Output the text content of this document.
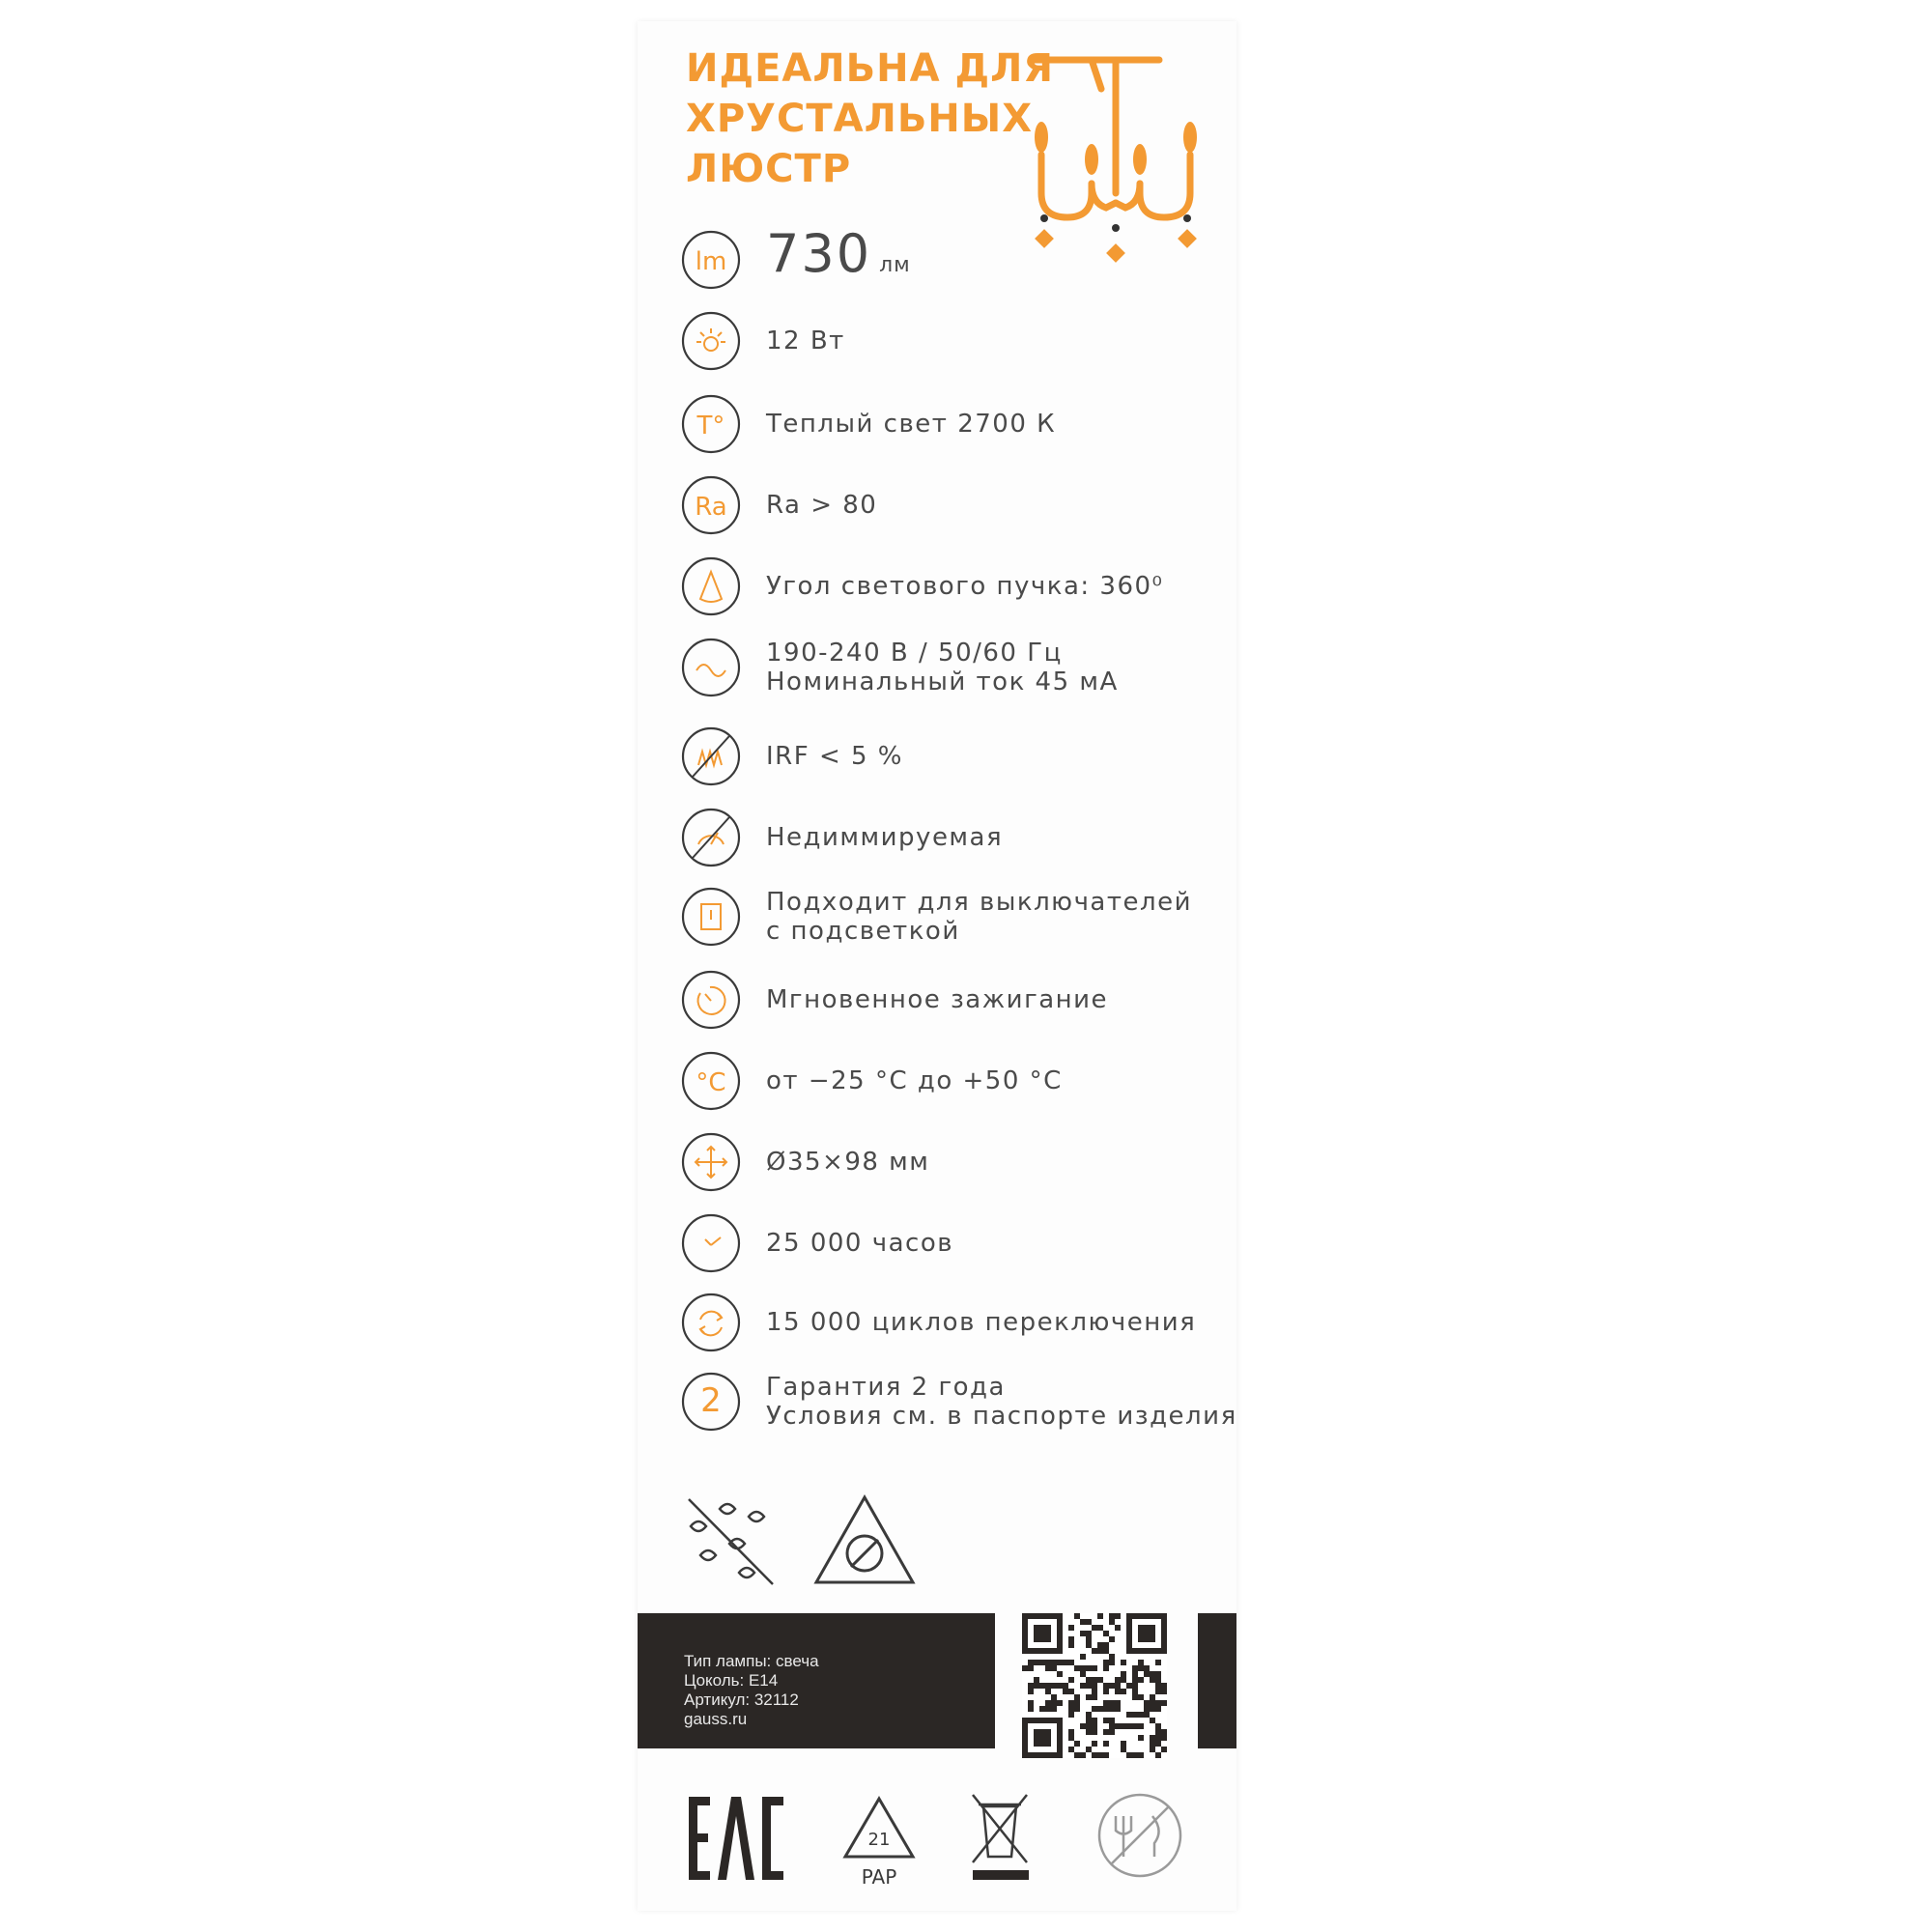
ИДЕАЛЬНА ДЛЯ
ХРУСТАЛЬНЫХ
ЛЮСТР
lm 730 лм
12 Вт
T° Теплый свет 2700 К
Ra Ra > 80
Угол светового пучка: 360⁰
190-240 В / 50/60 Гц
Номинальный ток 45 мА
IRF < 5 %
Недиммируемая
Подходит для выключателей
с подсветкой
Мгновенное зажигание
°C от −25 °C до +50 °C
Ø35×98 мм
25 000 часов
15 000 циклов переключения
2 Гарантия 2 года
Условия см. в паспорте изделия
Тип лампы: свеча
Цоколь: E14
Артикул: 32112
gauss.ru
21
PAP
